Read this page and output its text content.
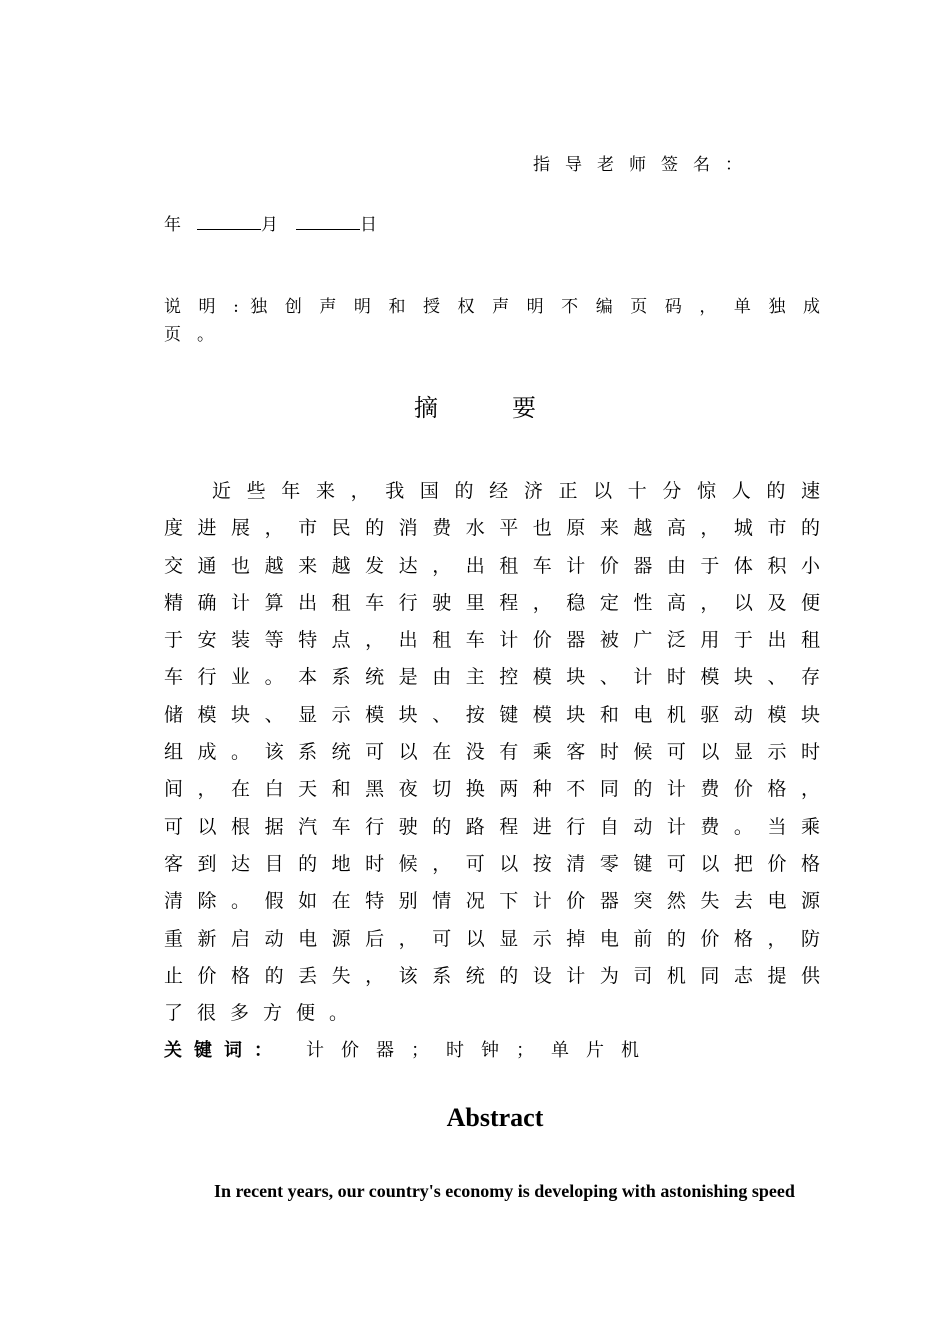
指导老师签名：
年	月	日
说 明 : 独 创 声 明 和 授 权 声 明 不 编 页 码 ， 单 独 成
页。
摘	要
近 些 年 来 ， 我 国 的 经 济 正 以 十 分 惊 人 的 速
度 进 展 ， 市 民 的 消 费 水 平 也 原 来 越 高 ， 城 市 的
交 通 也 越 来 越 发 达 ， 出 租 车 计 价 器 由 于 体 积 小
精 确 计 算 出 租 车 行 驶 里 程 ， 稳 定 性 高 ， 以 及 便
于 安 装 等 特 点 ， 出 租 车 计 价 器 被 广 泛 用 于 出 租
车 行 业 。 本 系 统 是 由 主 控 模 块 、 计 时 模 块 、 存
储 模 块 、 显 示 模 块 、 按 键 模 块 和 电 机 驱 动 模 块
组 成 。 该 系 统 可 以 在 没 有 乘 客 时 候 可 以 显 示 时
间 ， 在 白 天 和 黑 夜 切 换 两 种 不 同 的 计 费 价 格 ，
可 以 根 据 汽 车 行 驶 的 路 程 进 行 自 动 计 费 。 当 乘
客 到 达 目 的 地 时 候 ， 可 以 按 清 零 键 可 以 把 价 格
清 除 。 假 如 在 特 别 情 况 下 计 价 器 突 然 失 去 电 源
重 新 启 动 电 源 后 ， 可 以 显 示 掉 电 前 的 价 格 ， 防
止 价 格 的 丢 失 ， 该 系 统 的 设 计 为 司 机 同 志 提 供
了很多方便。
关键词： 计价器；时钟；单片机
Abstract
In recent years, our country's economy is developing with astonishing speed
